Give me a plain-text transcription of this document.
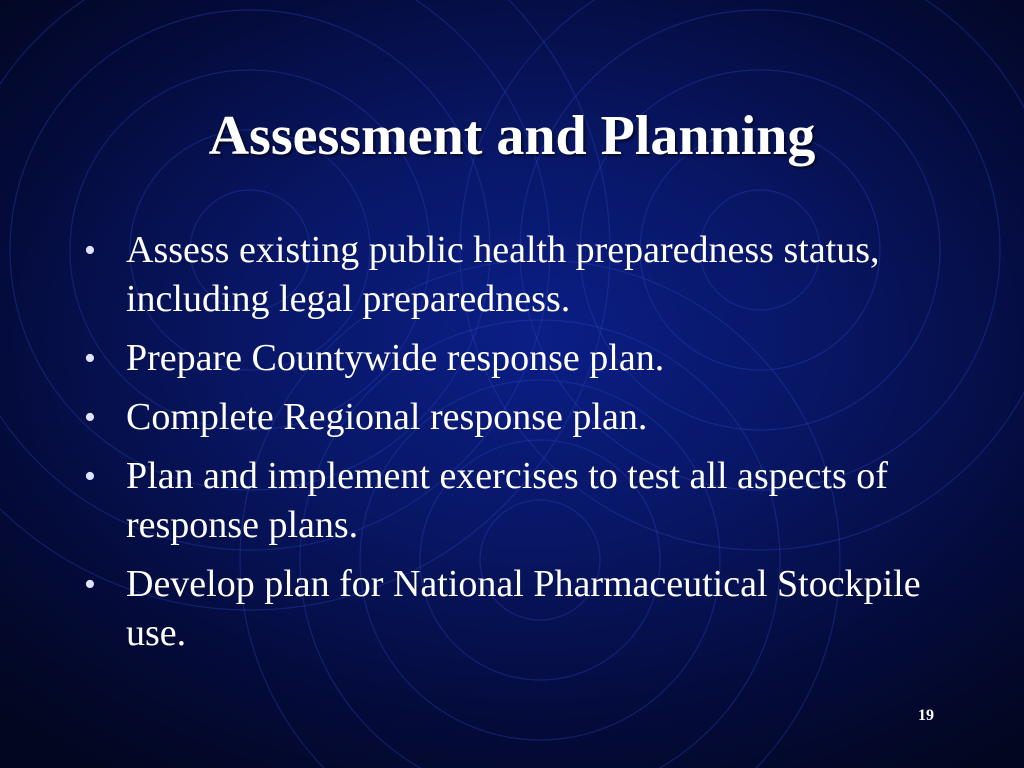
Assessment and Planning
• Assess existing public health preparedness status, including legal preparedness.
• Prepare Countywide response plan.
• Complete Regional response plan.
• Plan and implement exercises to test all aspects of response plans.
• Develop plan for National Pharmaceutical Stockpile use.
19
